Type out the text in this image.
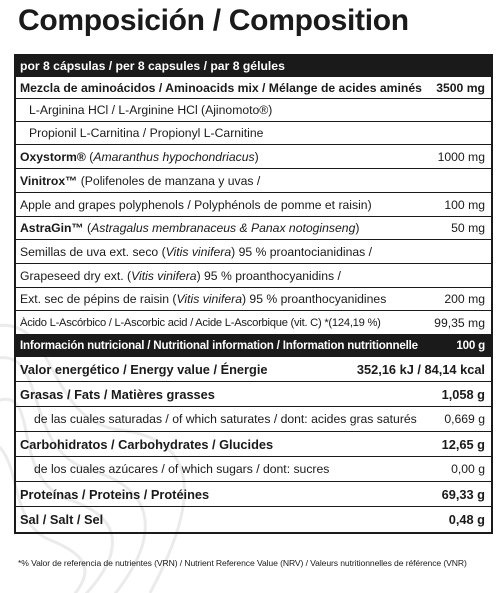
Composición / Composition
por 8 cápsulas / per 8 capsules / par 8 gélules
Mezcla de aminoácidos / Aminoacids mix / Mélange de acides aminés	3500 mg
L-Arginina HCl / L-Arginine HCl (Ajinomoto®)
Propionil L-Carnitina / Propionyl L-Carnitine
Oxystorm® (Amaranthus hypochondriacus)	1000 mg
Vinitrox™ (Polifenoles de manzana y uvas /
Apple and grapes polyphenols / Polyphénols de pomme et raisin)	100 mg
AstraGin™ (Astragalus membranaceus & Panax notoginseng)	50 mg
Semillas de uva ext. seco (Vitis vinifera) 95 % proantocianidinas /
Grapeseed dry ext. (Vitis vinifera) 95 % proanthocyanidins /
Ext. sec de pépins de raisin (Vitis vinifera) 95 % proanthocyanidines	200 mg
Ácido L-Ascórbico / L-Ascorbic acid / Acide L-Ascorbique (vit. C) *(124,19 %)	99,35 mg
Información nutricional / Nutritional information / Information nutritionnelle	100 g
Valor energético / Energy value / Énergie	352,16 kJ / 84,14 kcal
Grasas / Fats / Matières grasses	1,058 g
de las cuales saturadas / of which saturates / dont: acides gras saturés	0,669 g
Carbohidratos / Carbohydrates / Glucides	12,65 g
de los cuales azúcares / of which sugars / dont: sucres	0,00 g
Proteínas / Proteins / Protéines	69,33 g
Sal / Salt / Sel	0,48 g
*% Valor de referencia de nutrientes (VRN) / Nutrient Reference Value (NRV) / Valeurs nutritionnelles de référence (VNR)
